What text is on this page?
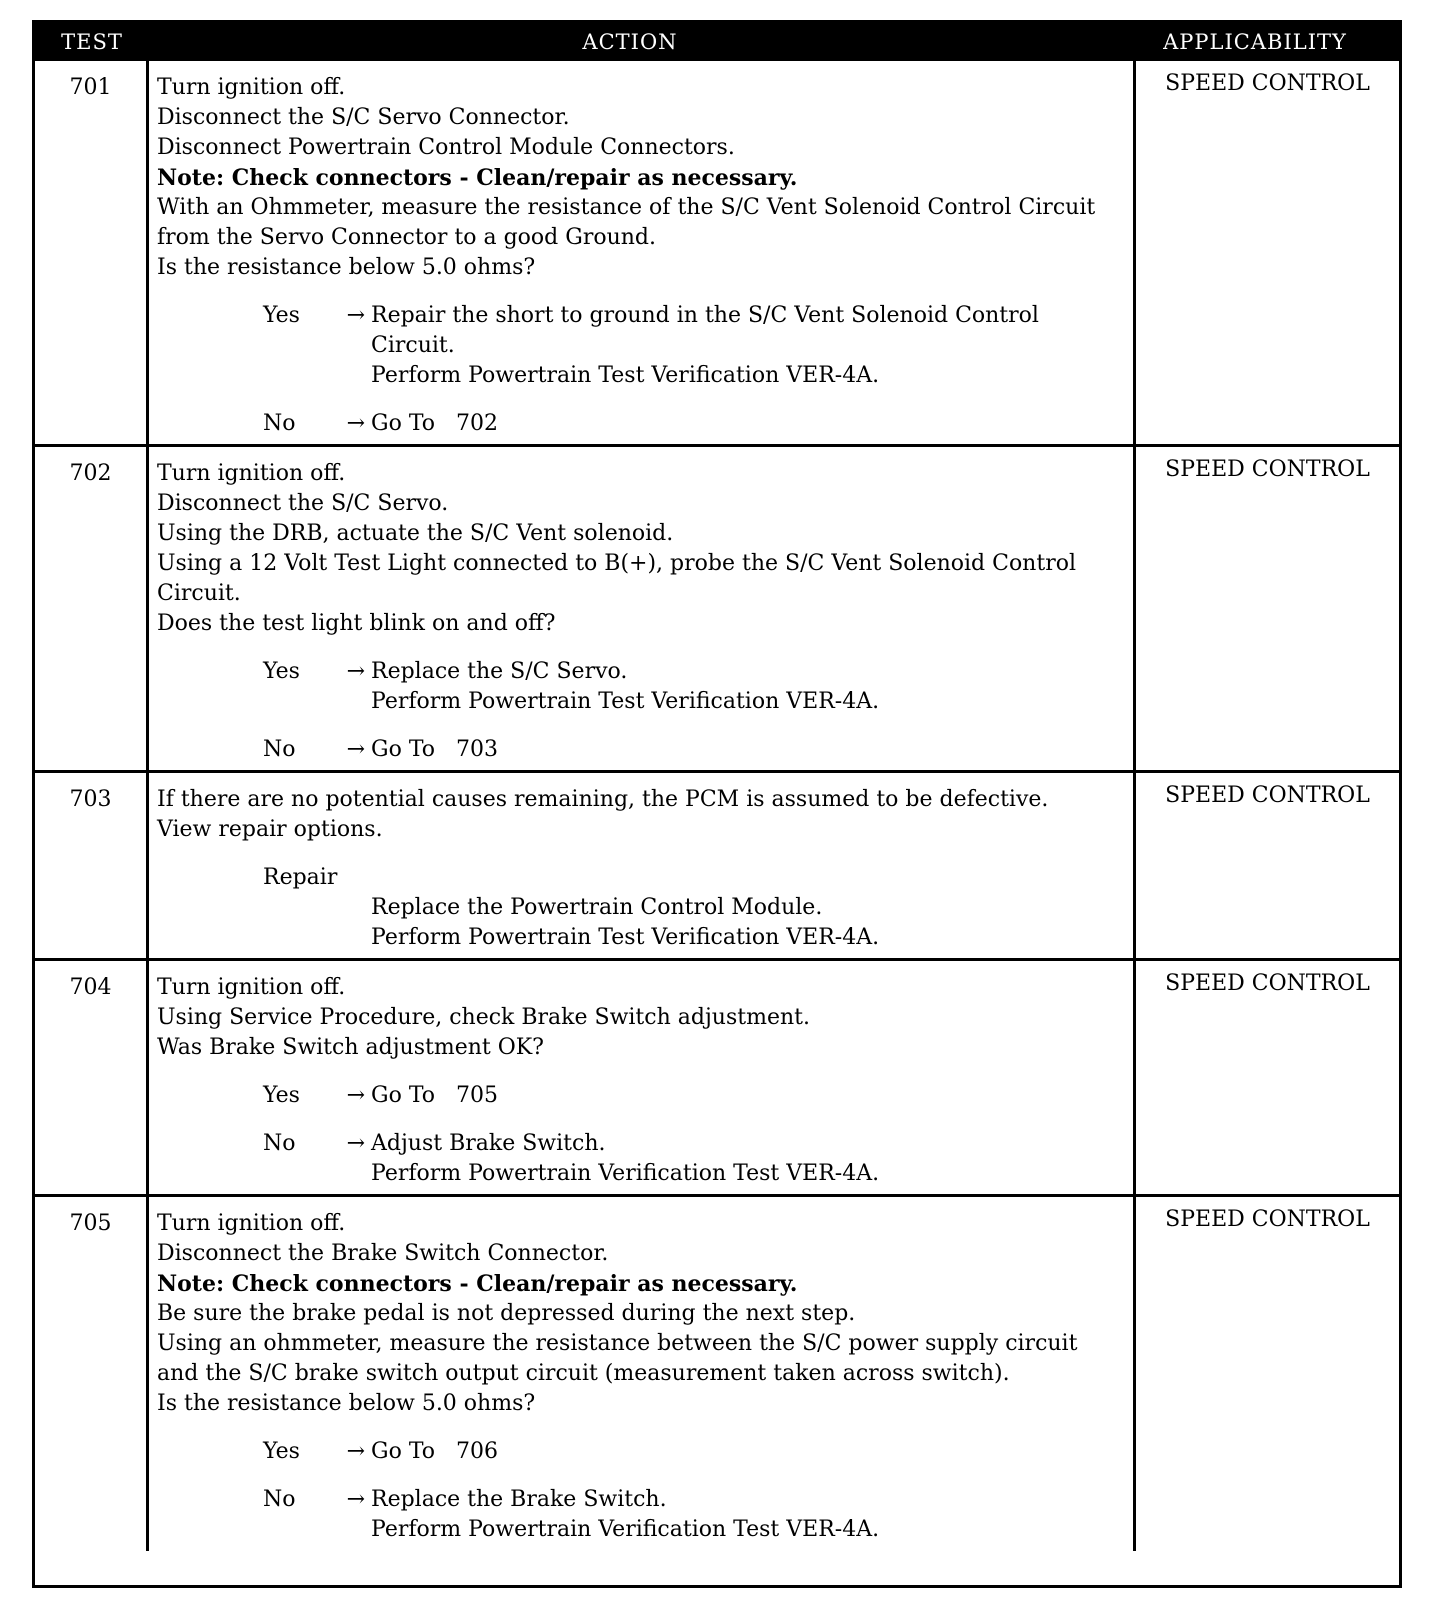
TEST	ACTION	APPLICABILITY
701	Turn ignition off.
Disconnect the S/C Servo Connector.
Disconnect Powertrain Control Module Connectors.
Note: Check connectors - Clean/repair as necessary.
With an Ohmmeter, measure the resistance of the S/C Vent Solenoid Control Circuit
from the Servo Connector to a good Ground.
Is the resistance below 5.0 ohms?
Yes → Repair the short to ground in the S/C Vent Solenoid Control
Circuit.
Perform Powertrain Test Verification VER-4A.
No → Go To   702
SPEED CONTROL
702	Turn ignition off.
Disconnect the S/C Servo.
Using the DRB, actuate the S/C Vent solenoid.
Using a 12 Volt Test Light connected to B(+), probe the S/C Vent Solenoid Control
Circuit.
Does the test light blink on and off?
Yes → Replace the S/C Servo.
Perform Powertrain Test Verification VER-4A.
No → Go To   703
SPEED CONTROL
703	If there are no potential causes remaining, the PCM is assumed to be defective.
View repair options.
Repair
Replace the Powertrain Control Module.
Perform Powertrain Test Verification VER-4A.
SPEED CONTROL
704	Turn ignition off.
Using Service Procedure, check Brake Switch adjustment.
Was Brake Switch adjustment OK?
Yes → Go To   705
No → Adjust Brake Switch.
Perform Powertrain Verification Test VER-4A.
SPEED CONTROL
705	Turn ignition off.
Disconnect the Brake Switch Connector.
Note: Check connectors - Clean/repair as necessary.
Be sure the brake pedal is not depressed during the next step.
Using an ohmmeter, measure the resistance between the S/C power supply circuit
and the S/C brake switch output circuit (measurement taken across switch).
Is the resistance below 5.0 ohms?
Yes → Go To   706
No → Replace the Brake Switch.
Perform Powertrain Verification Test VER-4A.
SPEED CONTROL
